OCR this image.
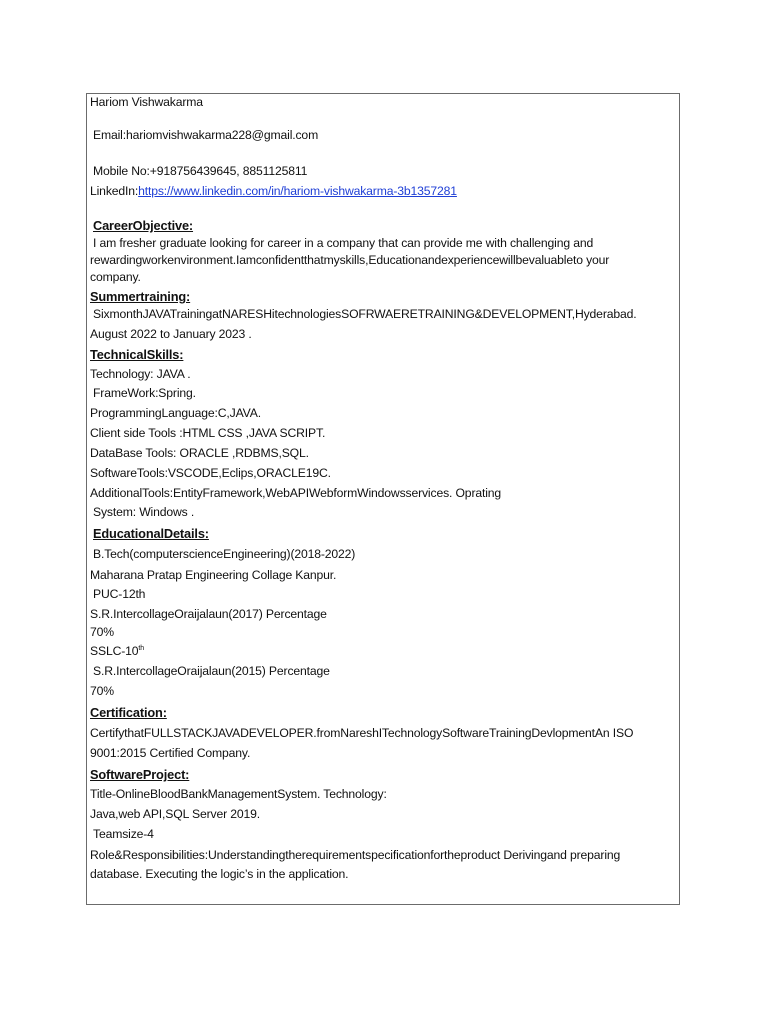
Hariom Vishwakarma
Email:hariomvishwakarma228@gmail.com
Mobile No:+918756439645, 8851125811
LinkedIn:https://www.linkedin.com/in/hariom-vishwakarma-3b1357281
CareerObjective:
I am fresher graduate looking for career in a company that can provide me with challenging and
rewardingworkenvironment.Iamconfidentthatmyskills,Educationandexperiencewillbevaluableto your
company.
Summertraining:
SixmonthJAVATrainingatNARESHitechnologiesSOFRWAERETRAINING&DEVELOPMENT,Hyderabad.
August 2022 to January 2023 .
TechnicalSkills:
Technology: JAVA .
FrameWork:Spring.
ProgrammingLanguage:C,JAVA.
Client side Tools :HTML CSS ,JAVA SCRIPT.
DataBase Tools: ORACLE ,RDBMS,SQL.
SoftwareTools:VSCODE,Eclips,ORACLE19C.
AdditionalTools:EntityFramework,WebAPIWebformWindowsservices. Oprating
System: Windows .
EducationalDetails:
B.Tech(computerscienceEngineering)(2018-2022)
Maharana Pratap Engineering Collage Kanpur.
PUC-12th
S.R.IntercollageOraijalaun(2017) Percentage
70%
SSLC-10th
S.R.IntercollageOraijalaun(2015) Percentage
70%
Certification:
CertifythatFULLSTACKJAVADEVELOPER.fromNareshITechnologySoftwareTrainingDevlopmentAn ISO
9001:2015 Certified Company.
SoftwareProject:
Title-OnlineBloodBankManagementSystem. Technology:
Java,web API,SQL Server 2019.
Teamsize-4
Role&Responsibilities:Understandingtherequirementspecificationfortheproduct Derivingand preparing
database. Executing the logic’s in the application.
